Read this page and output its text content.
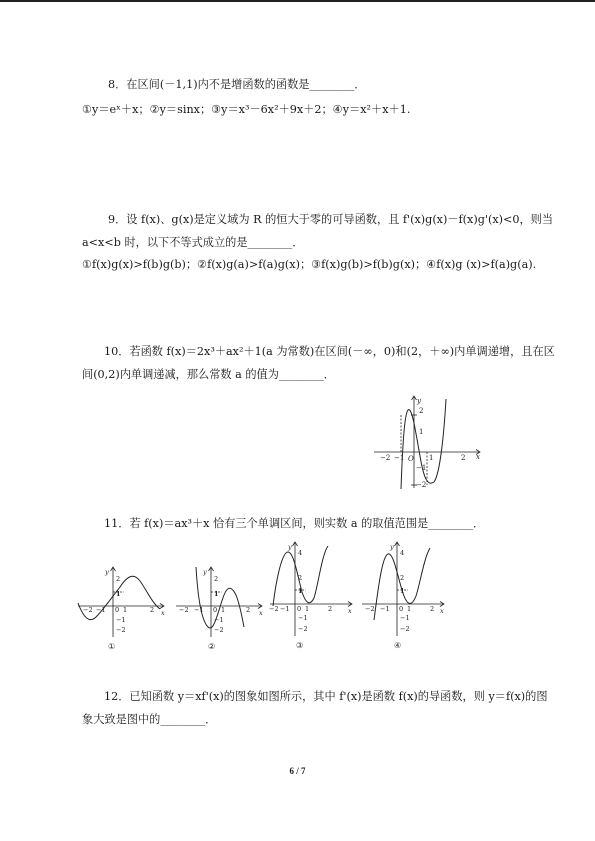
8．在区间(－1,1)内不是增函数的函数是________．
①y＝eˣ＋x；②y＝sinx；③y＝x³－6x²＋9x＋2；④y＝x²＋x＋1.
9．设 f(x)、g(x)是定义域为 R 的恒大于零的可导函数，且 f'(x)g(x)－f(x)g'(x)<0，则当
a<x<b 时，以下不等式成立的是________．
①f(x)g(x)>f(b)g(b)；②f(x)g(a)>f(a)g(x)；③f(x)g(b)>f(b)g(x)；④f(x)g (x)>f(a)g(a).
10．若函数 f(x)＝2x³＋ax²＋1(a 为常数)在区间(－∞，0)和(2，＋∞)内单调递增，且在区
间(0,2)内单调递减，那么常数 a 的值为________．
y
x
O
2
1
−1
−2
−2 −1	1	2
11．若 f(x)＝ax³＋x 恰有三个单调区间，则实数 a 的取值范围是________．
y
x
2
1
−1
−2
−2 −1 0 1	2
①
y
x
2
1
−1
−2
−2 −1 0 1	2
②
y
x
4
2
1
−1
−2
−2 −1 0 1	2
③
y
x
4
2
1
−1
−2
−2 −1 0 1	2
④
12．已知函数 y＝xf'(x)的图象如图所示，其中 f'(x)是函数 f(x)的导函数，则 y＝f(x)的图
象大致是图中的________．
6 / 7
